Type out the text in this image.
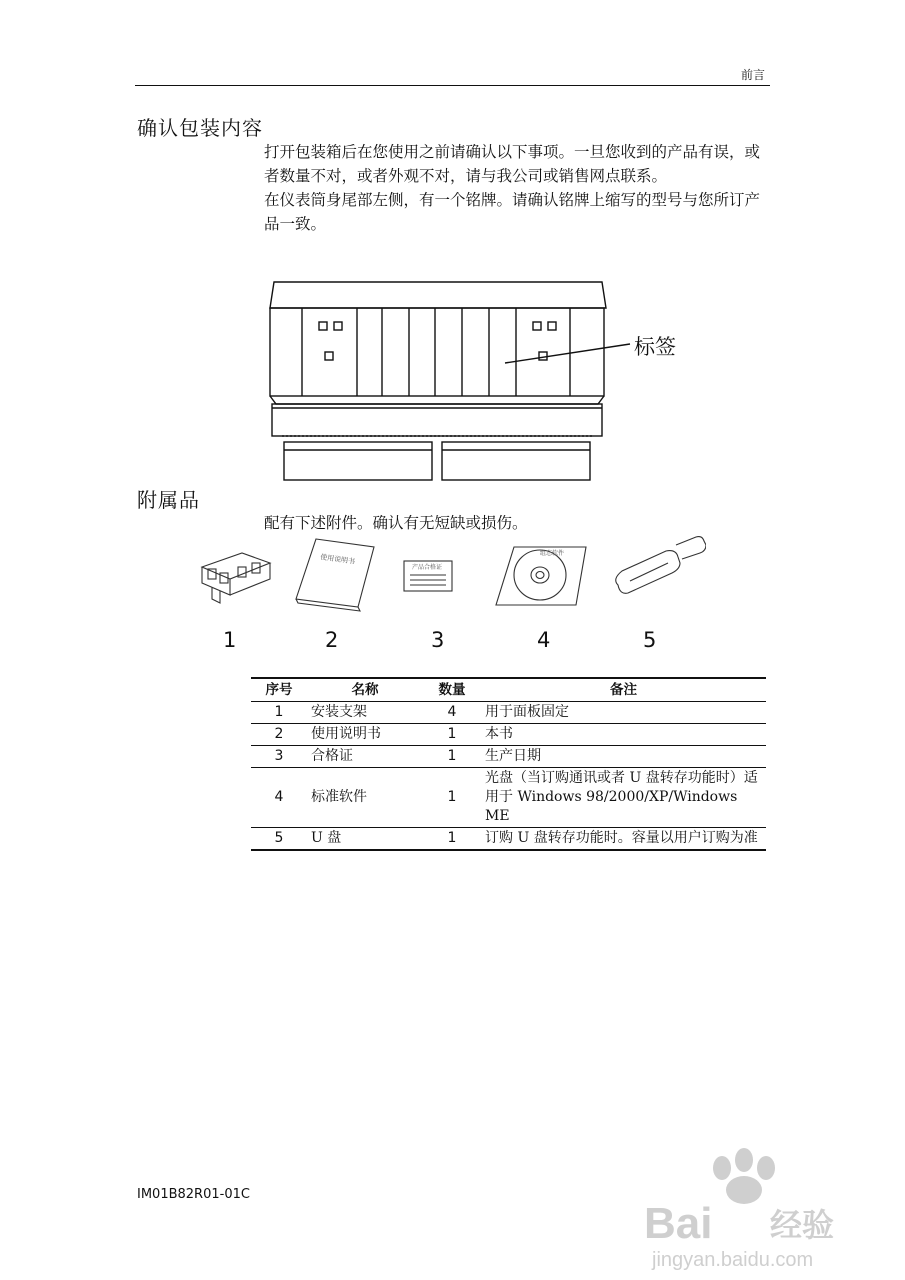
前言
确认包装内容

打开包装箱后在您使用之前请确认以下事项。一旦您收到的产品有误，或者数量不对，或者外观不对，请与我公司或销售网点联系。

在仪表筒身尾部左侧，有一个铭牌。请确认铭牌上缩写的型号与您所订产品一致。

标签
附属品
配有下述附件。确认有无短缺或损伤。
使用说明书
产品合格证
组态软件
1	2	3	4	5
序号	名称	数量	备注
1	安装支架	4	用于面板固定
2	使用说明书	1	本书
3	合格证	1	生产日期
4	标准软件	1	光盘（当订购通讯或者 U 盘转存功能时）适用于 Windows 98/2000/XP/Windows ME
5	U 盘	1	订购 U 盘转存功能时。容量以用户订购为准
IM01B82R01-01C
Bai 经验
jingyan.baidu.com
